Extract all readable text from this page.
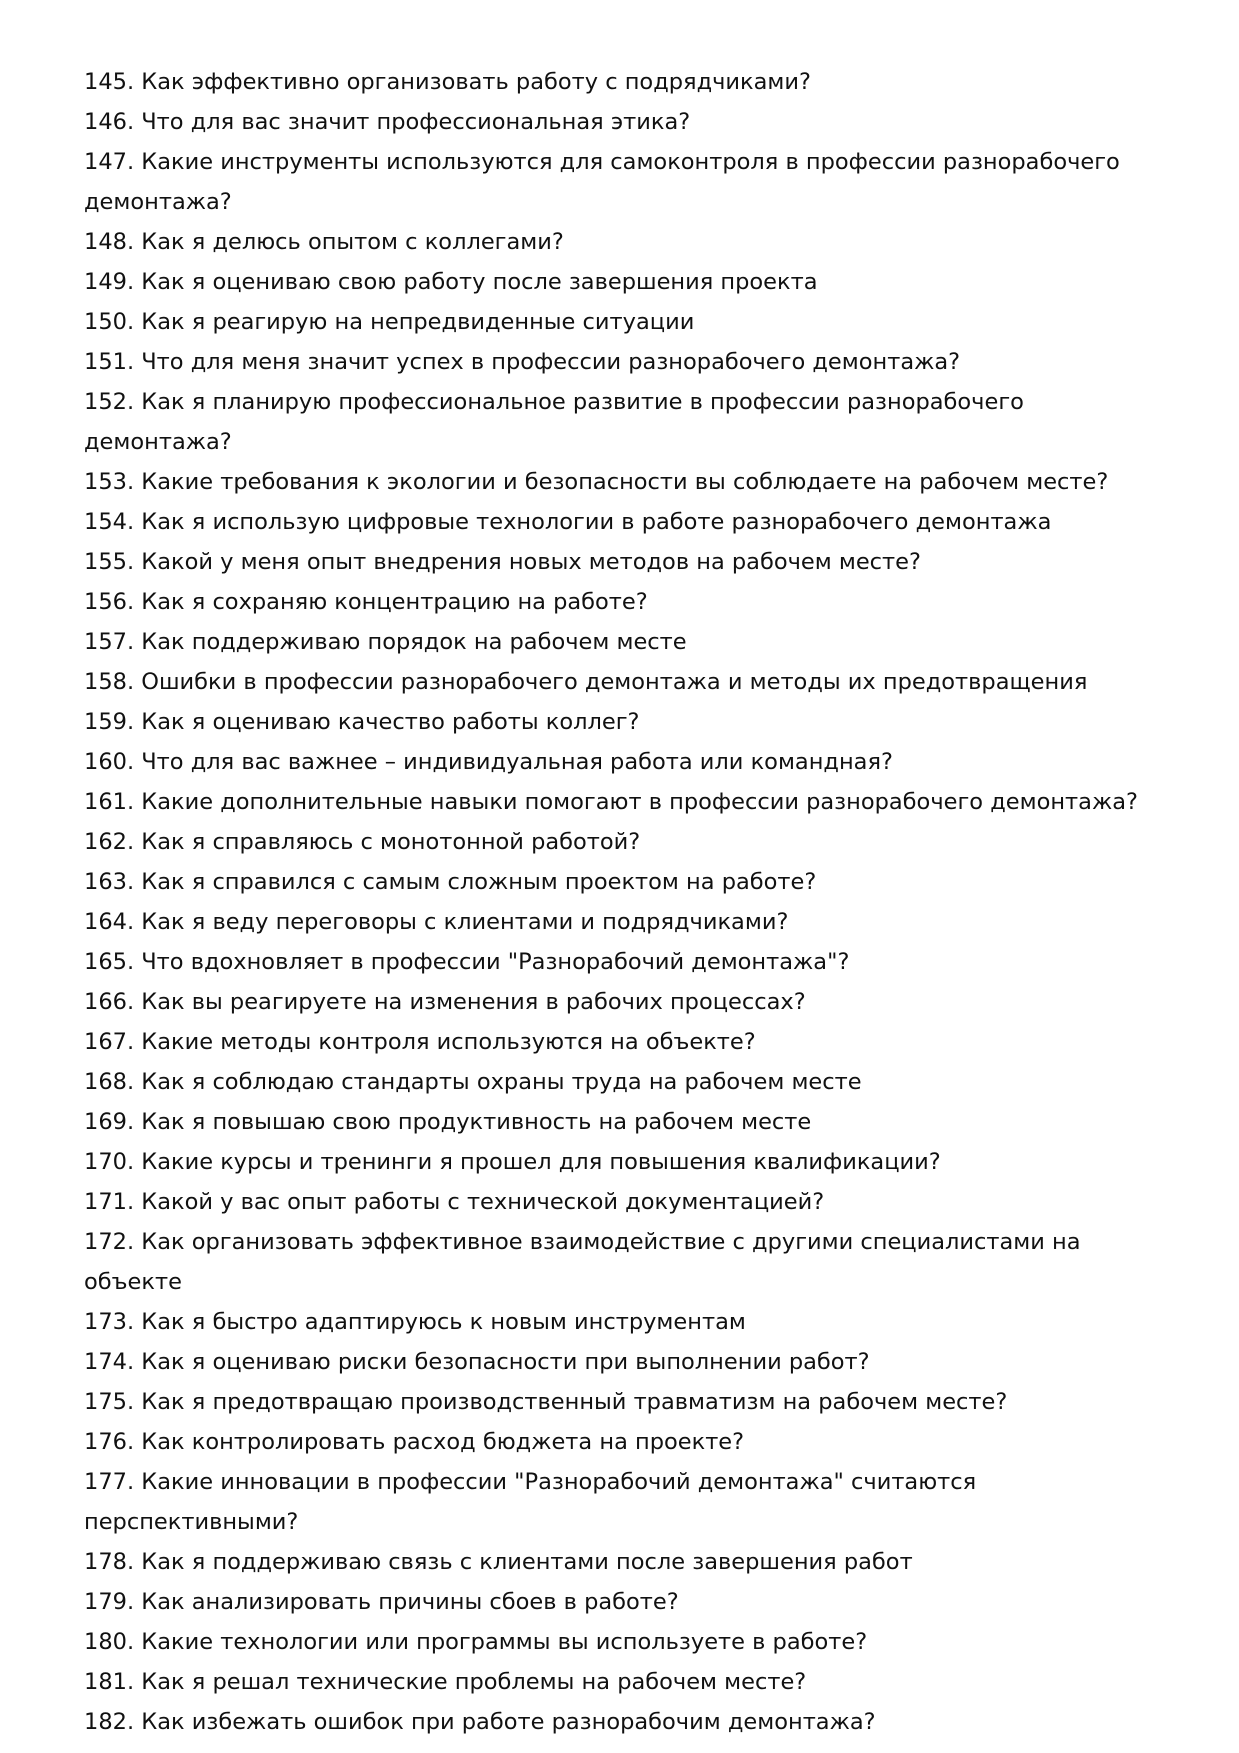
145. Как эффективно организовать работу с подрядчиками?
146. Что для вас значит профессиональная этика?
147. Какие инструменты используются для самоконтроля в профессии разнорабочего
демонтажа?
148. Как я делюсь опытом с коллегами?
149. Как я оцениваю свою работу после завершения проекта
150. Как я реагирую на непредвиденные ситуации
151. Что для меня значит успех в профессии разнорабочего демонтажа?
152. Как я планирую профессиональное развитие в профессии разнорабочего демонтажа?
153. Какие требования к экологии и безопасности вы соблюдаете на рабочем месте?
154. Как я использую цифровые технологии в работе разнорабочего демонтажа
155. Какой у меня опыт внедрения новых методов на рабочем месте?
156. Как я сохраняю концентрацию на работе?
157. Как поддерживаю порядок на рабочем месте
158. Ошибки в профессии разнорабочего демонтажа и методы их предотвращения
159. Как я оцениваю качество работы коллег?
160. Что для вас важнее – индивидуальная работа или командная?
161. Какие дополнительные навыки помогают в профессии разнорабочего демонтажа?
162. Как я справляюсь с монотонной работой?
163. Как я справился с самым сложным проектом на работе?
164. Как я веду переговоры с клиентами и подрядчиками?
165. Что вдохновляет в профессии "Разнорабочий демонтажа"?
166. Как вы реагируете на изменения в рабочих процессах?
167. Какие методы контроля используются на объекте?
168. Как я соблюдаю стандарты охраны труда на рабочем месте
169. Как я повышаю свою продуктивность на рабочем месте
170. Какие курсы и тренинги я прошел для повышения квалификации?
171. Какой у вас опыт работы с технической документацией?
172. Как организовать эффективное взаимодействие с другими специалистами на объекте
173. Как я быстро адаптируюсь к новым инструментам
174. Как я оцениваю риски безопасности при выполнении работ?
175. Как я предотвращаю производственный травматизм на рабочем месте?
176. Как контролировать расход бюджета на проекте?
177. Какие инновации в профессии "Разнорабочий демонтажа" считаются
перспективными?
178. Как я поддерживаю связь с клиентами после завершения работ
179. Как анализировать причины сбоев в работе?
180. Какие технологии или программы вы используете в работе?
181. Как я решал технические проблемы на рабочем месте?
182. Как избежать ошибок при работе разнорабочим демонтажа?
